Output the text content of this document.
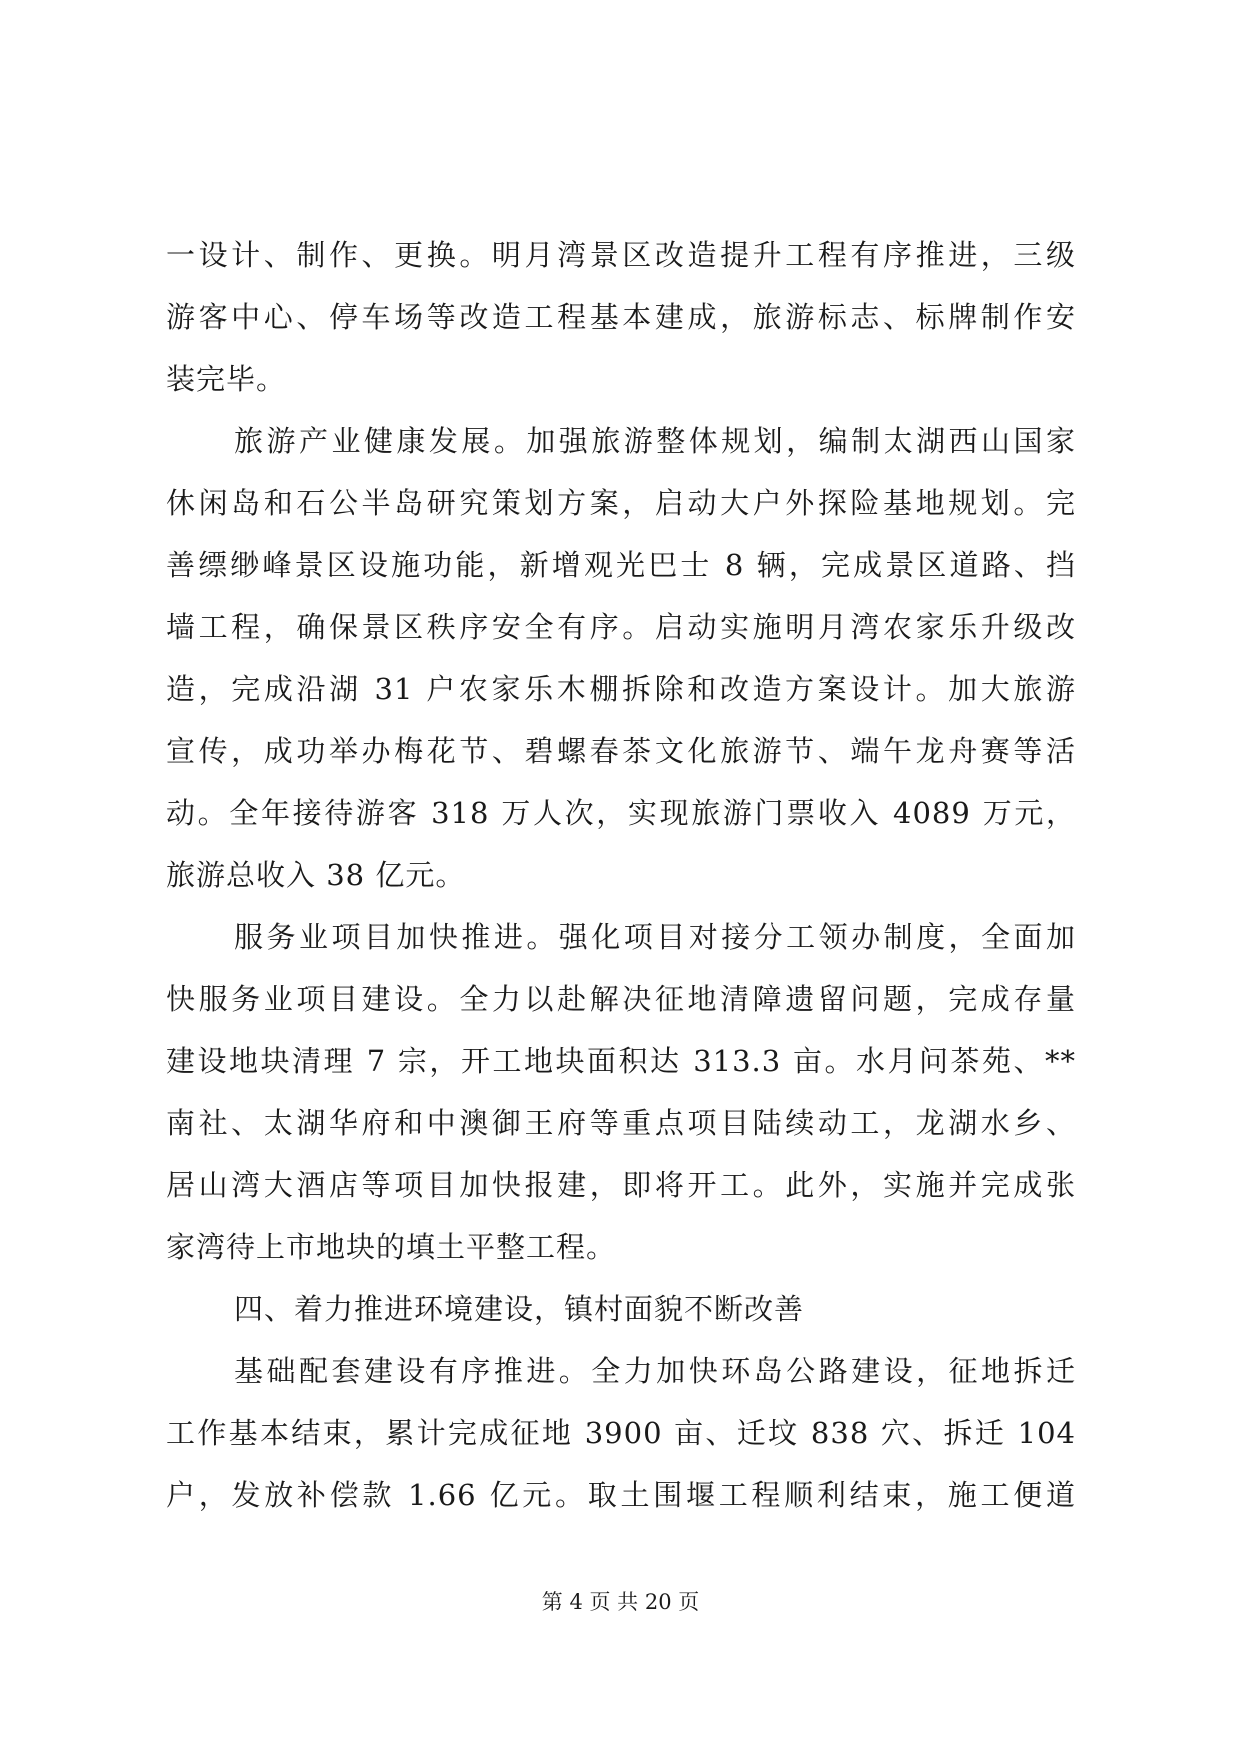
一设计、制作、更换。明月湾景区改造提升工程有序推进，三级
游客中心、停车场等改造工程基本建成，旅游标志、标牌制作安
装完毕。
旅游产业健康发展。加强旅游整体规划，编制太湖西山国家
休闲岛和石公半岛研究策划方案，启动大户外探险基地规划。完
善缥缈峰景区设施功能，新增观光巴士 8 辆，完成景区道路、挡
墙工程，确保景区秩序安全有序。启动实施明月湾农家乐升级改
造，完成沿湖 31 户农家乐木棚拆除和改造方案设计。加大旅游
宣传，成功举办梅花节、碧螺春茶文化旅游节、端午龙舟赛等活
动。全年接待游客 318 万人次，实现旅游门票收入 4089 万元，
旅游总收入 38 亿元。
服务业项目加快推进。强化项目对接分工领办制度，全面加
快服务业项目建设。全力以赴解决征地清障遗留问题，完成存量
建设地块清理 7 宗，开工地块面积达 313.3 亩。水月问茶苑、**
南社、太湖华府和中澳御王府等重点项目陆续动工，龙湖水乡、
居山湾大酒店等项目加快报建，即将开工。此外，实施并完成张
家湾待上市地块的填土平整工程。
四、着力推进环境建设，镇村面貌不断改善
基础配套建设有序推进。全力加快环岛公路建设，征地拆迁
工作基本结束，累计完成征地 3900 亩、迁坟 838 穴、拆迁 104
户，发放补偿款 1.66 亿元。取土围堰工程顺利结束，施工便道
第 4 页 共 20 页
